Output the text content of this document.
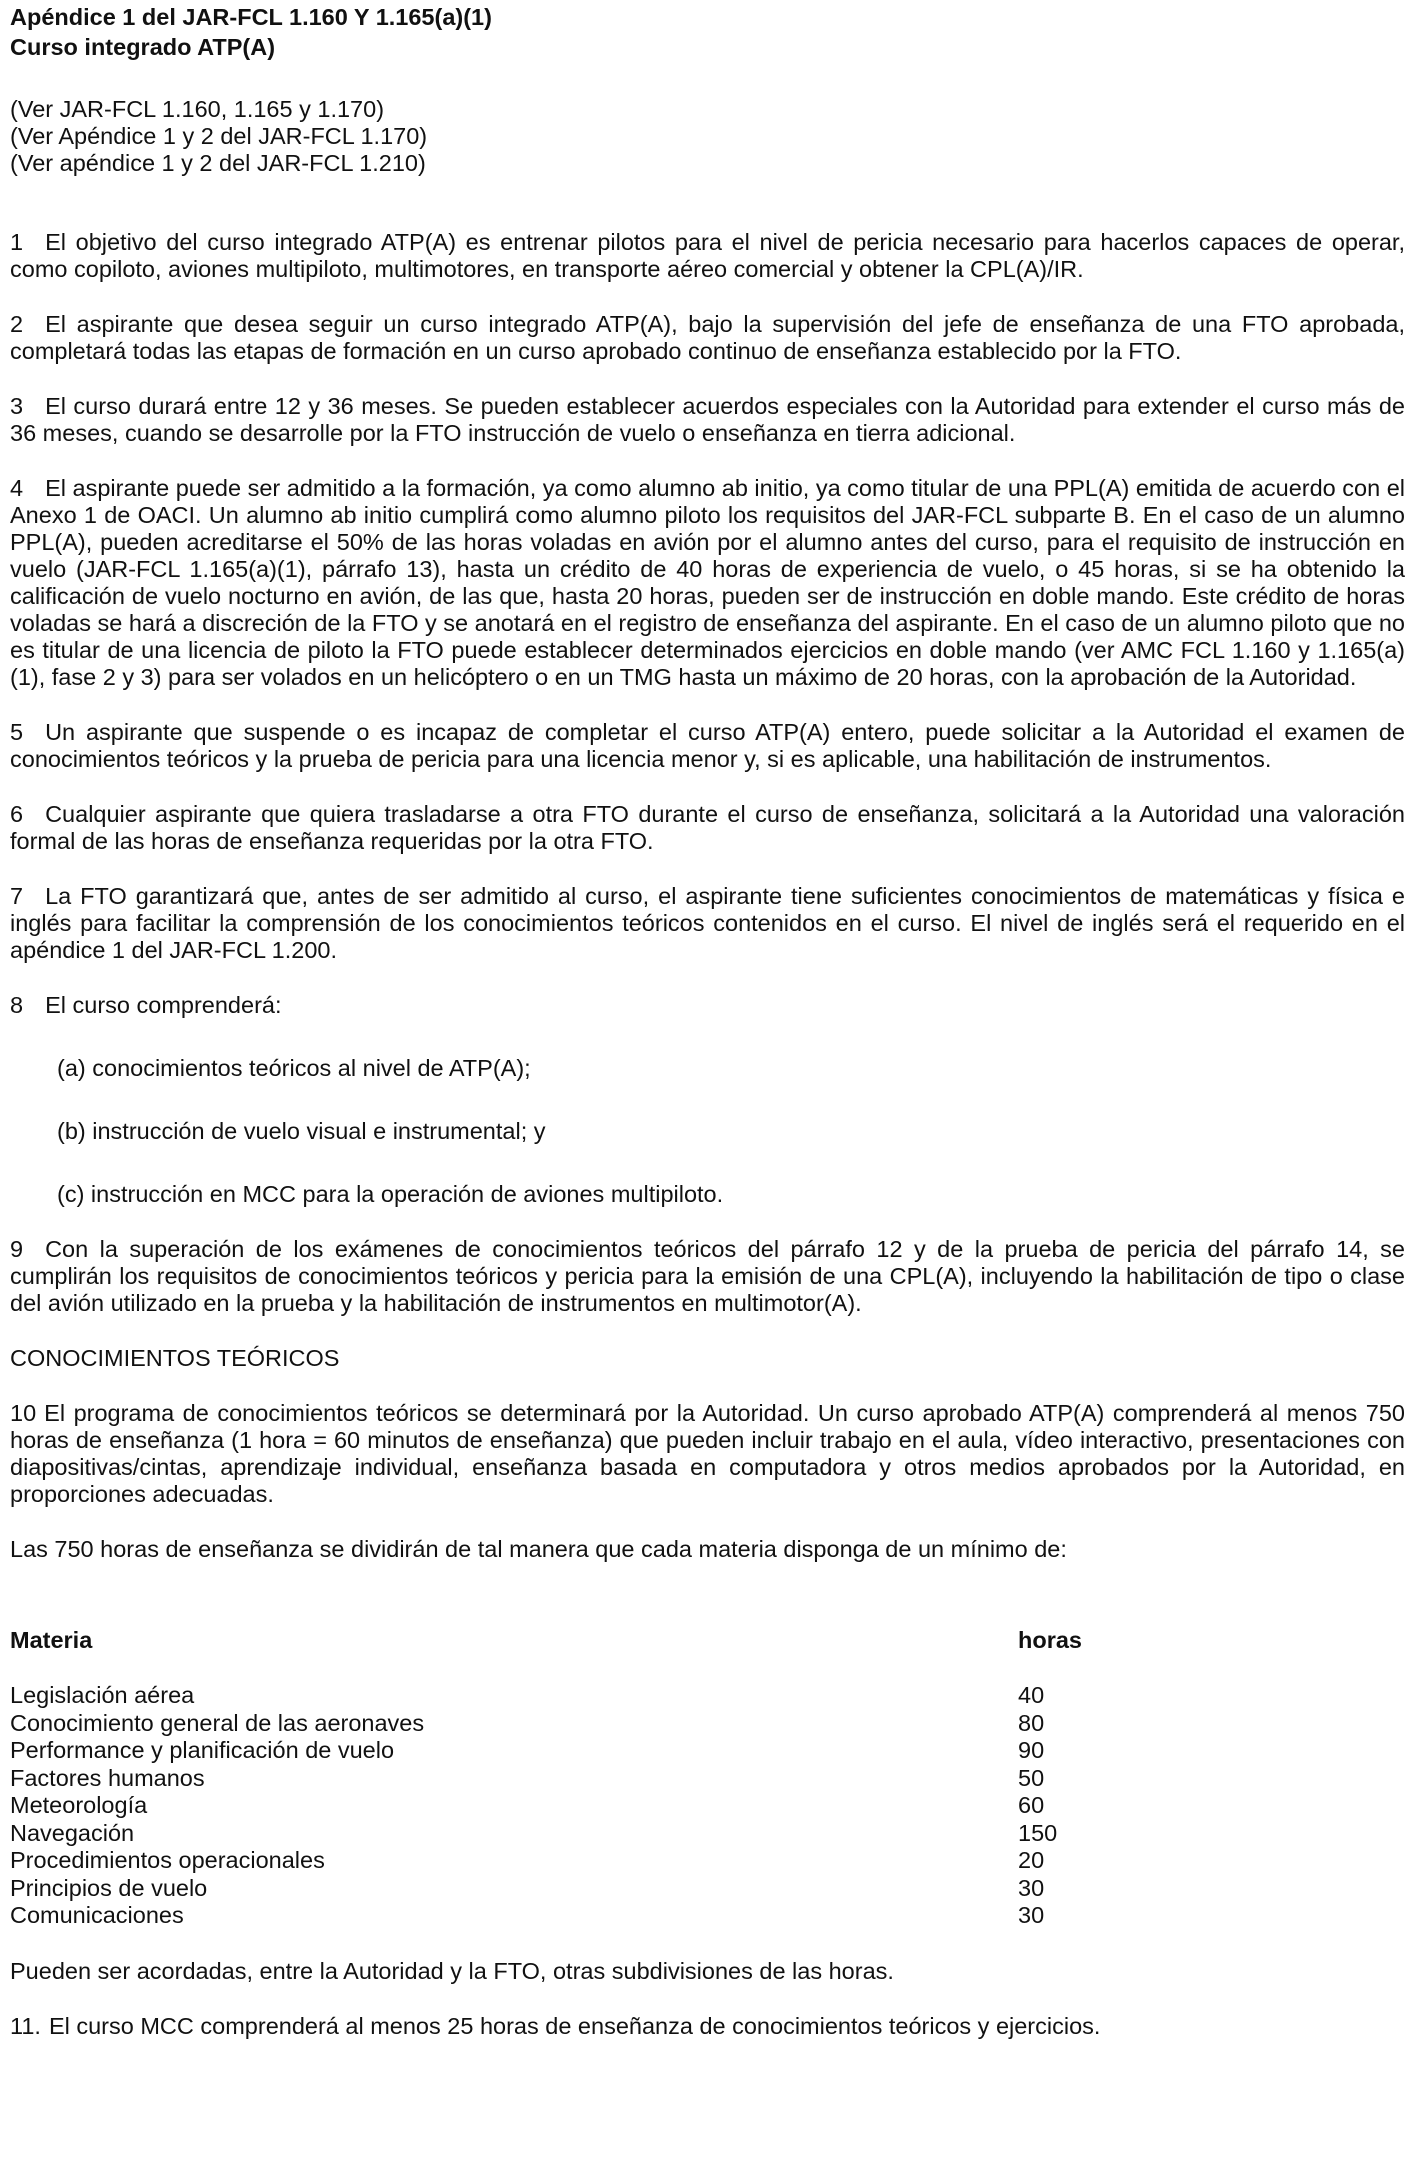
Apéndice 1 del JAR-FCL 1.160 Y 1.165(a)(1)
Curso integrado ATP(A)
(Ver JAR-FCL 1.160, 1.165 y 1.170)
(Ver Apéndice 1 y 2 del JAR-FCL 1.170)
(Ver apéndice 1 y 2 del JAR-FCL 1.210)

1 El objetivo del curso integrado ATP(A) es entrenar pilotos para el nivel de pericia necesario para hacerlos capaces de operar, como copiloto, aviones multipiloto, multimotores, en transporte aéreo comercial y obtener la CPL(A)/IR.

2 El aspirante que desea seguir un curso integrado ATP(A), bajo la supervisión del jefe de enseñanza de una FTO aprobada, completará todas las etapas de formación en un curso aprobado continuo de enseñanza establecido por la FTO.

3 El curso durará entre 12 y 36 meses. Se pueden establecer acuerdos especiales con la Autoridad para extender el curso más de 36 meses, cuando se desarrolle por la FTO instrucción de vuelo o enseñanza en tierra adicional.

4 El aspirante puede ser admitido a la formación, ya como alumno ab initio, ya como titular de una PPL(A) emitida de acuerdo con el Anexo 1 de OACI. Un alumno ab initio cumplirá como alumno piloto los requisitos del JAR-FCL subparte B. En el caso de un alumno PPL(A), pueden acreditarse el 50% de las horas voladas en avión por el alumno antes del curso, para el requisito de instrucción en vuelo (JAR-FCL 1.165(a)(1), párrafo 13), hasta un crédito de 40 horas de experiencia de vuelo, o 45 horas, si se ha obtenido la calificación de vuelo nocturno en avión, de las que, hasta 20 horas, pueden ser de instrucción en doble mando. Este crédito de horas voladas se hará a discreción de la FTO y se anotará en el registro de enseñanza del aspirante. En el caso de un alumno piloto que no es titular de una licencia de piloto la FTO puede establecer determinados ejercicios en doble mando (ver AMC FCL 1.160 y 1.165(a)(1), fase 2 y 3) para ser volados en un helicóptero o en un TMG hasta un máximo de 20 horas, con la aprobación de la Autoridad.

5 Un aspirante que suspende o es incapaz de completar el curso ATP(A) entero, puede solicitar a la Autoridad el examen de conocimientos teóricos y la prueba de pericia para una licencia menor y, si es aplicable, una habilitación de instrumentos.

6 Cualquier aspirante que quiera trasladarse a otra FTO durante el curso de enseñanza, solicitará a la Autoridad una valoración formal de las horas de enseñanza requeridas por la otra FTO.

7 La FTO garantizará que, antes de ser admitido al curso, el aspirante tiene suficientes conocimientos de matemáticas y física e inglés para facilitar la comprensión de los conocimientos teóricos contenidos en el curso. El nivel de inglés será el requerido en el apéndice 1 del JAR-FCL 1.200.

8 El curso comprenderá:

(a) conocimientos teóricos al nivel de ATP(A);
(b) instrucción de vuelo visual e instrumental; y
(c) instrucción en MCC para la operación de aviones multipiloto.

9 Con la superación de los exámenes de conocimientos teóricos del párrafo 12 y de la prueba de pericia del párrafo 14, se cumplirán los requisitos de conocimientos teóricos y pericia para la emisión de una CPL(A), incluyendo la habilitación de tipo o clase del avión utilizado en la prueba y la habilitación de instrumentos en multimotor(A).

CONOCIMIENTOS TEÓRICOS

10 El programa de conocimientos teóricos se determinará por la Autoridad. Un curso aprobado ATP(A) comprenderá al menos 750 horas de enseñanza (1 hora = 60 minutos de enseñanza) que pueden incluir trabajo en el aula, vídeo interactivo, presentaciones con diapositivas/cintas, aprendizaje individual, enseñanza basada en computadora y otros medios aprobados por la Autoridad, en proporciones adecuadas.

Las 750 horas de enseñanza se dividirán de tal manera que cada materia disponga de un mínimo de:

Materia	horas
Legislación aérea	40
Conocimiento general de las aeronaves	80
Performance y planificación de vuelo	90
Factores humanos	50
Meteorología	60
Navegación	150
Procedimientos operacionales	20
Principios de vuelo	30
Comunicaciones	30

Pueden ser acordadas, entre la Autoridad y la FTO, otras subdivisiones de las horas.

11. El curso MCC comprenderá al menos 25 horas de enseñanza de conocimientos teóricos y ejercicios.
